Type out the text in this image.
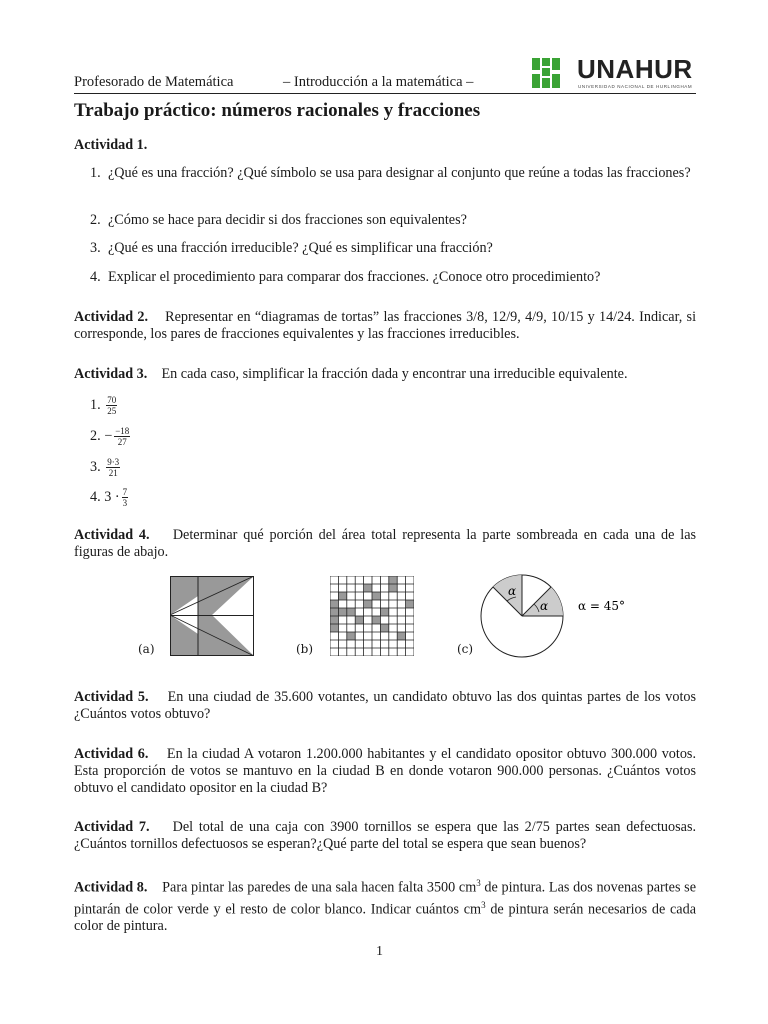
Profesorado de Matemática	– Introducción a la matemática –	UNAHUR
UNIVERSIDAD NACIONAL DE HURLINGHAM
Trabajo práctico: números racionales y fracciones
Actividad 1.
1. ¿Qué es una fracción? ¿Qué símbolo se usa para designar al conjunto que reúne a todas las fracciones?
2. ¿Cómo se hace para decidir si dos fracciones son equivalentes?
3. ¿Qué es una fracción irreducible? ¿Qué es simplificar una fracción?
4. Explicar el procedimiento para comparar dos fracciones. ¿Conoce otro procedimiento?
Actividad 2. Representar en “diagramas de tortas” las fracciones 3/8, 12/9, 4/9, 10/15 y 14/24. Indicar, si corresponde, los pares de fracciones equivalentes y las fracciones irreducibles.
Actividad 3. En cada caso, simplificar la fracción dada y encontrar una irreducible equivalente.
1. $\frac{70}{25}$
2. − $\frac{-18}{27}$
3. $\frac{9\cdot 3}{21}$
4. $3 \cdot \frac{7}{3}$
Actividad 4. Determinar qué porción del área total representa la parte sombreada en cada una de las figuras de abajo.
(a)	(b)
α
α α = 45°
(c)
Actividad 5. En una ciudad de 35.600 votantes, un candidato obtuvo las dos quintas partes de los votos ¿Cuántos votos obtuvo?
Actividad 6. En la ciudad A votaron 1.200.000 habitantes y el candidato opositor obtuvo 300.000 votos. Esta proporción de votos se mantuvo en la ciudad B en donde votaron 900.000 personas. ¿Cuántos votos obtuvo el candidato opositor en la ciudad B?
Actividad 7. Del total de una caja con 3900 tornillos se espera que las 2/75 partes sean defectuosas. ¿Cuántos tornillos defectuosos se esperan?¿Qué parte del total se espera que sean buenos?
Actividad 8. Para pintar las paredes de una sala hacen falta 3500 $cm^3$ de pintura. Las dos novenas partes se pintarán de color verde y el resto de color blanco. Indicar cuántos $cm^3$ de pintura serán necesarios de cada color de pintura.
1
